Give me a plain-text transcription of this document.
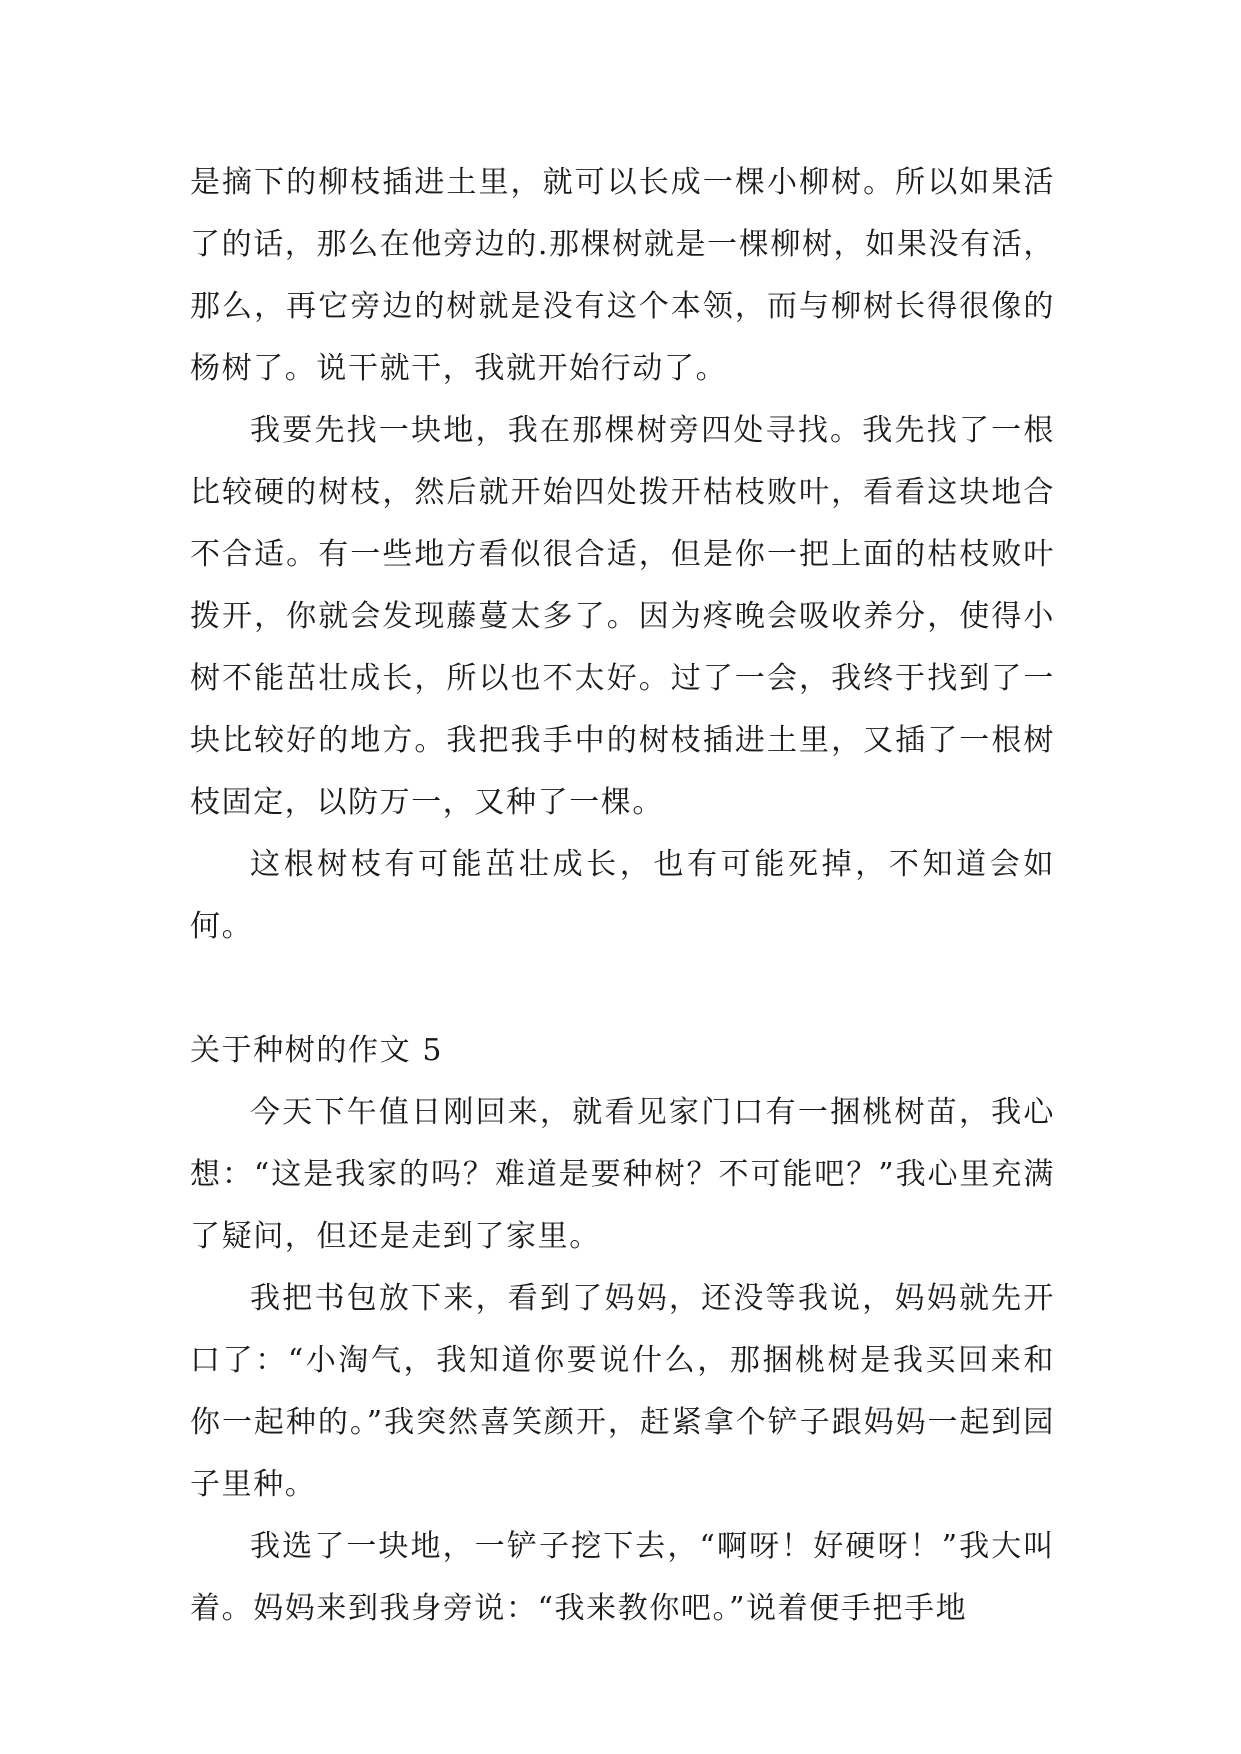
是摘下的柳枝插进土里，就可以长成一棵小柳树。所以如果活了的话，那么在他旁边的.那棵树就是一棵柳树，如果没有活，那么，再它旁边的树就是没有这个本领，而与柳树长得很像的杨树了。说干就干，我就开始行动了。

我要先找一块地，我在那棵树旁四处寻找。我先找了一根比较硬的树枝，然后就开始四处拨开枯枝败叶，看看这块地合不合适。有一些地方看似很合适，但是你一把上面的枯枝败叶拨开，你就会发现藤蔓太多了。因为疼晚会吸收养分，使得小树不能茁壮成长，所以也不太好。过了一会，我终于找到了一块比较好的地方。我把我手中的树枝插进土里，又插了一根树枝固定，以防万一，又种了一棵。

这根树枝有可能茁壮成长，也有可能死掉，不知道会如何。

关于种树的作文 5

今天下午值日刚回来，就看见家门口有一捆桃树苗，我心想：“这是我家的吗？难道是要种树？不可能吧？”我心里充满了疑问，但还是走到了家里。

我把书包放下来，看到了妈妈，还没等我说，妈妈就先开口了：“小淘气，我知道你要说什么，那捆桃树是我买回来和你一起种的。”我突然喜笑颜开，赶紧拿个铲子跟妈妈一起到园子里种。

我选了一块地，一铲子挖下去，“啊呀！好硬呀！”我大叫着。妈妈来到我身旁说：“我来教你吧。”说着便手把手地
